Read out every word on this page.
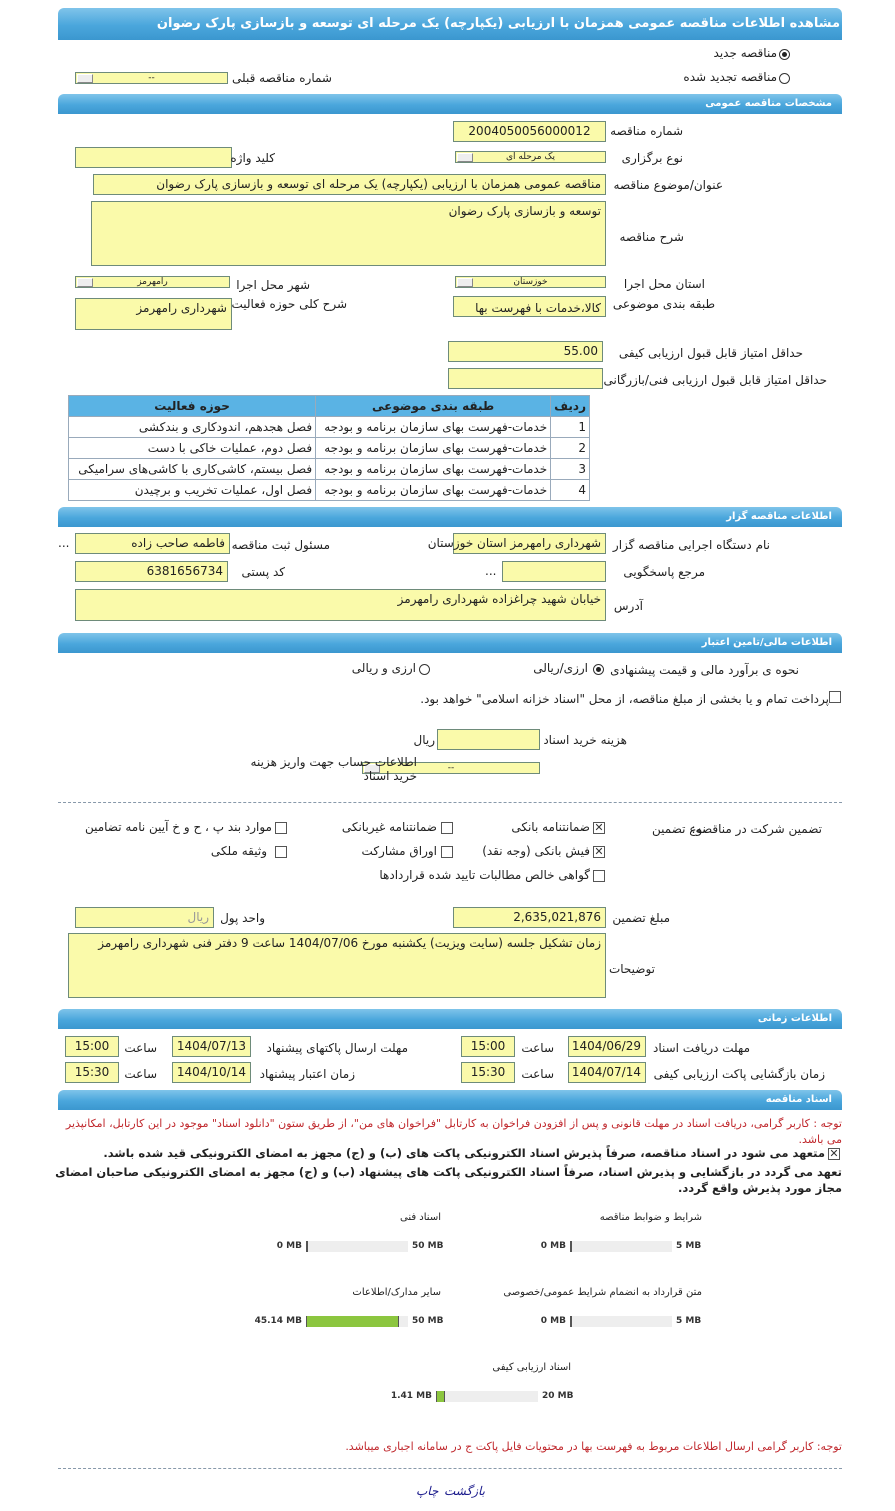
مشاهده اطلاعات مناقصه عمومی همزمان با ارزیابی (یکپارچه) یک مرحله ای توسعه و بازسازی پارک رضوان
مناقصه جدید
مناقصه تجدید شده
--	شماره مناقصه قبلی
مشخصات مناقصه عمومی
شماره مناقصه
2004050056000012
نوع برگزاری
یک مرحله ای
کلید واژه
عنوان/موضوع مناقصه
مناقصه عمومی همزمان با ارزیابی (یکپارچه) یک مرحله ای توسعه و بازسازی پارک رضوان
توسعه و بازسازی پارک رضوان
شرح مناقصه
استان محل اجرا
خوزستان
رامهرمز	شهر محل اجرا
طبقه بندی موضوعی
کالا،خدمات با فهرست بها
شهرداری رامهرمز شرح کلی حوزه فعالیت
حداقل امتیاز قابل قبول ارزیابی کیفی
55.00
حداقل امتیاز قابل قبول ارزیابی فنی/بازرگانی
ردیف	طبقه بندی موضوعی	حوزه فعالیت
1	خدمات-فهرست بهای سازمان برنامه و بودجه	فصل هجدهم، اندودکاری و بندکشی
2	خدمات-فهرست بهای سازمان برنامه و بودجه	فصل دوم، عملیات خاکی با دست
3	خدمات-فهرست بهای سازمان برنامه و بودجه	فصل بیستم، کاشی‌کاری با کاشی‌های سرامیکی
4	خدمات-فهرست بهای سازمان برنامه و بودجه	فصل اول، عملیات تخریب و برچیدن
اطلاعات مناقصه گزار
نام دستگاه اجرایی مناقصه گزار
شهرداری رامهرمز استان خوزستان
مسئول ثبت مناقصه
فاطمه صاحب زاده
...
مرجع پاسخگویی
...
کد پستی
6381656734
خیابان شهید چراغزاده شهرداری رامهرمز	آدرس
اطلاعات مالی/تامین اعتبار
نحوه ی برآورد مالی و قیمت پیشنهادی
ارزی/ریالی
ارزی و ریالی
پرداخت تمام و یا بخشی از مبلغ مناقصه، از محل "اسناد خزانه اسلامی" خواهد بود.
هزینه خرید اسناد
ریال
--
اطلاعات حساب جهت واریز هزینه خرید اسناد
تضمین شرکت در مناقصه:
نوع تضمین
✕
ضمانتنامه بانکی
ضمانتنامه غیربانکی
موارد بند پ ، ح و خ آیین نامه تضامین
✕
فیش بانکی (وجه نقد)
اوراق مشارکت
وثیقه ملکی
گواهی خالص مطالبات تایید شده قراردادها
مبلغ تضمین
2,635,021,876
واحد پول
ریال
زمان تشکیل جلسه (سایت ویزیت) یکشنبه مورخ 1404/07/06 ساعت 9 دفتر فنی شهرداری رامهرمز
توضیحات
اطلاعات زمانی
مهلت دریافت اسناد
1404/06/29
ساعت
15:00
مهلت ارسال پاکتهای پیشنهاد
1404/07/13
ساعت
15:00
زمان بازگشایی پاکت ارزیابی کیفی
1404/07/14
ساعت
15:30
زمان اعتبار پیشنهاد
1404/10/14
ساعت
15:30
اسناد مناقصه
توجه : کاربر گرامی، دریافت اسناد در مهلت قانونی و پس از افزودن فراخوان به کارتابل "فراخوان های من"، از طریق ستون "دانلود اسناد" موجود در این کارتابل، امکانپذیر می باشد.
✕
متعهد می شود در اسناد مناقصه، صرفاً پذیرش اسناد الکترونیکی پاکت های (ب) و (ج) مجهز به امضای الکترونیکی قید شده باشد.
تعهد می گردد در بازگشایی و پذیرش اسناد، صرفاً اسناد الکترونیکی پاکت های پیشنهاد (ب) و (ج) مجهز به امضای الکترونیکی صاحبان امضای مجاز مورد پذیرش واقع گردد.
شرایط و ضوابط مناقصه
0 MB	5 MB
اسناد فنی
0 MB	50 MB
متن قرارداد به انضمام شرایط عمومی/خصوصی
0 MB	5 MB
سایر مدارک/اطلاعات
45.14 MB	50 MB
اسناد ارزیابی کیفی
1.41 MB	20 MB
توجه: کاربر گرامی ارسال اطلاعات مربوط به فهرست بها در محتویات فایل پاکت ج در سامانه اجباری میباشد.
چاپ بازگشت
